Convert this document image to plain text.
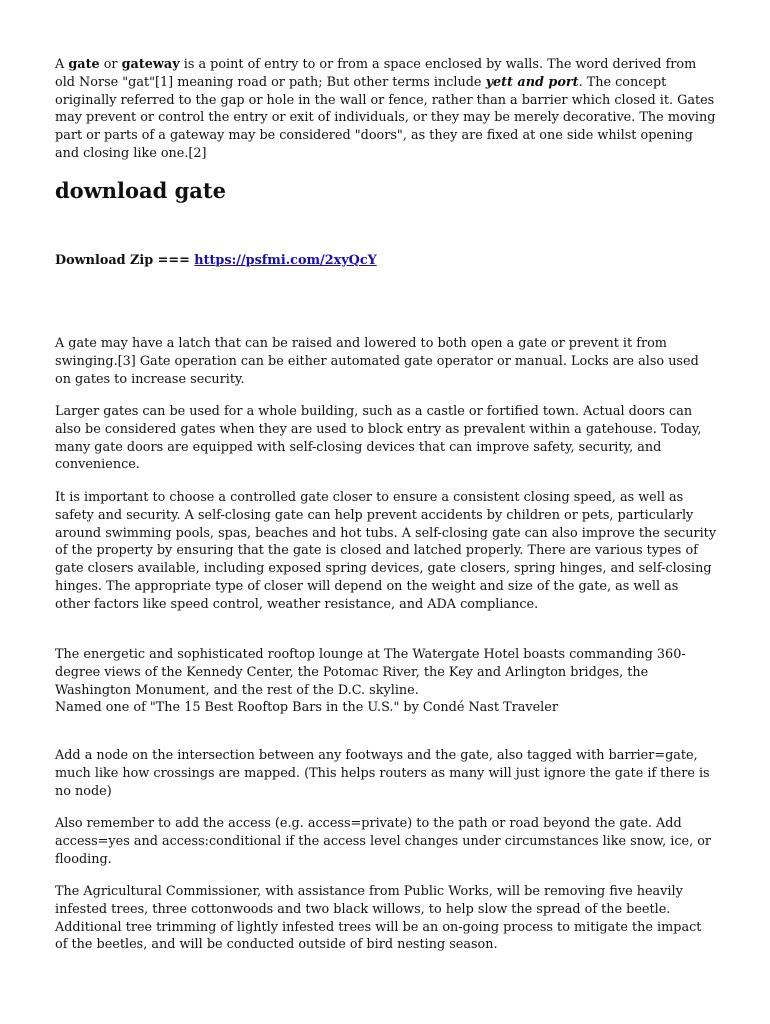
A gate or gateway is a point of entry to or from a space enclosed by walls. The word derived from old Norse "gat"[1] meaning road or path; But other terms include yett and port. The concept originally referred to the gap or hole in the wall or fence, rather than a barrier which closed it. Gates may prevent or control the entry or exit of individuals, or they may be merely decorative. The moving part or parts of a gateway may be considered "doors", as they are fixed at one side whilst opening and closing like one.[2]

download gate

Download Zip === https://psfmi.com/2xyQcY

A gate may have a latch that can be raised and lowered to both open a gate or prevent it from swinging.[3] Gate operation can be either automated gate operator or manual. Locks are also used on gates to increase security.

Larger gates can be used for a whole building, such as a castle or fortified town. Actual doors can also be considered gates when they are used to block entry as prevalent within a gatehouse. Today, many gate doors are equipped with self-closing devices that can improve safety, security, and convenience.

It is important to choose a controlled gate closer to ensure a consistent closing speed, as well as safety and security. A self-closing gate can help prevent accidents by children or pets, particularly around swimming pools, spas, beaches and hot tubs. A self-closing gate can also improve the security of the property by ensuring that the gate is closed and latched properly. There are various types of gate closers available, including exposed spring devices, gate closers, spring hinges, and self-closing hinges. The appropriate type of closer will depend on the weight and size of the gate, as well as other factors like speed control, weather resistance, and ADA compliance.

The energetic and sophisticated rooftop lounge at The Watergate Hotel boasts commanding 360-degree views of the Kennedy Center, the Potomac River, the Key and Arlington bridges, the Washington Monument, and the rest of the D.C. skyline.

Named one of "The 15 Best Rooftop Bars in the U.S." by Condé Nast Traveler

Add a node on the intersection between any footways and the gate, also tagged with barrier=gate, much like how crossings are mapped. (This helps routers as many will just ignore the gate if there is no node)

Also remember to add the access (e.g. access=private) to the path or road beyond the gate. Add access=yes and access:conditional if the access level changes under circumstances like snow, ice, or flooding.

The Agricultural Commissioner, with assistance from Public Works, will be removing five heavily infested trees, three cottonwoods and two black willows, to help slow the spread of the beetle. Additional tree trimming of lightly infested trees will be an on-going process to mitigate the impact of the beetles, and will be conducted outside of bird nesting season.
